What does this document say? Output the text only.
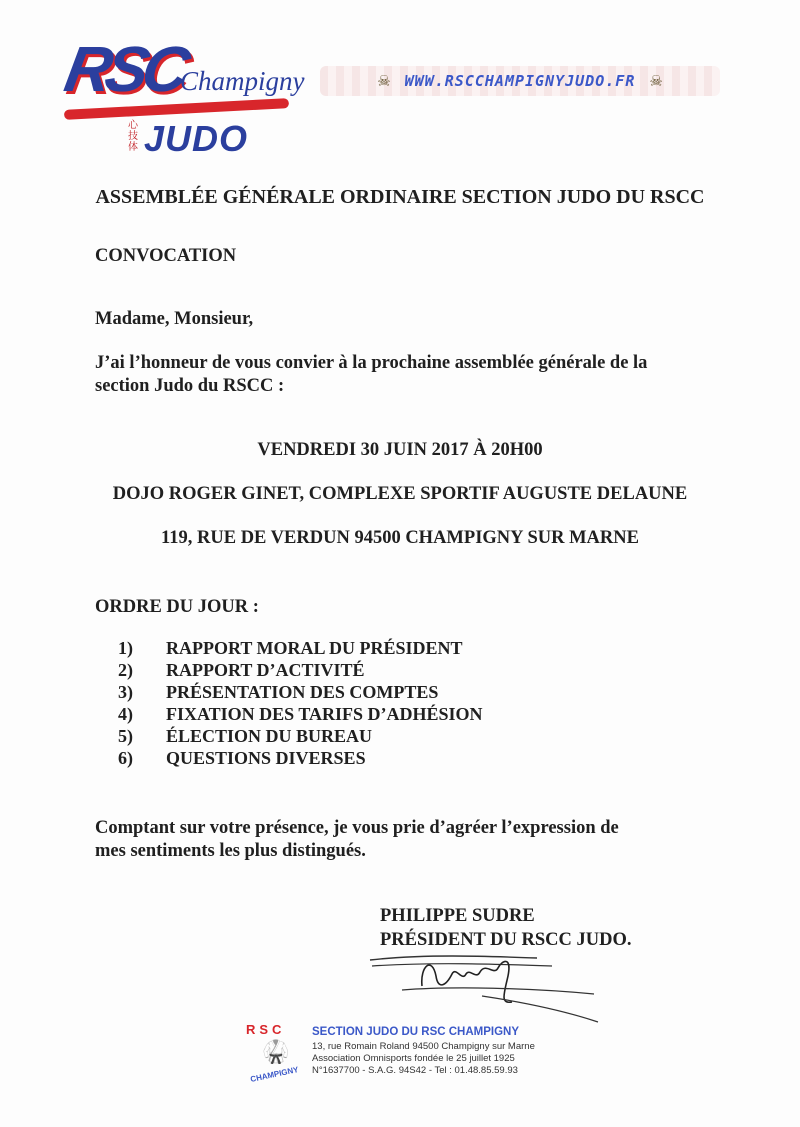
RSC
Champigny
心技体 JUDO
☠ WWW.RSCCHAMPIGNYJUDO.FR ☠

ASSEMBLÉE GÉNÉRALE ORDINAIRE SECTION JUDO DU RSCC

CONVOCATION

Madame, Monsieur,

J’ai l’honneur de vous convier à la prochaine assemblée générale de la

section Judo du RSCC :

VENDREDI 30 JUIN 2017 À 20H00

DOJO ROGER GINET, COMPLEXE SPORTIF AUGUSTE DELAUNE

119, RUE DE VERDUN 94500 CHAMPIGNY SUR MARNE

ORDRE DU JOUR :

1) RAPPORT MORAL DU PRÉSIDENT
2) RAPPORT D’ACTIVITÉ
3) PRÉSENTATION DES COMPTES
4) FIXATION DES TARIFS D’ADHÉSION
5) ÉLECTION DU BUREAU
6) QUESTIONS DIVERSES

Comptant sur votre présence, je vous prie d’agréer l’expression de

mes sentiments les plus distingués.

PHILIPPE SUDRE

PRÉSIDENT DU RSCC JUDO.

RSC
🥋
CHAMPIGNY

SECTION JUDO DU RSC CHAMPIGNY

13, rue Romain Roland 94500 Champigny sur Marne

Association Omnisports fondée le 25 juillet 1925

N°1637700 - S.A.G. 94S42 - Tel : 01.48.85.59.93
